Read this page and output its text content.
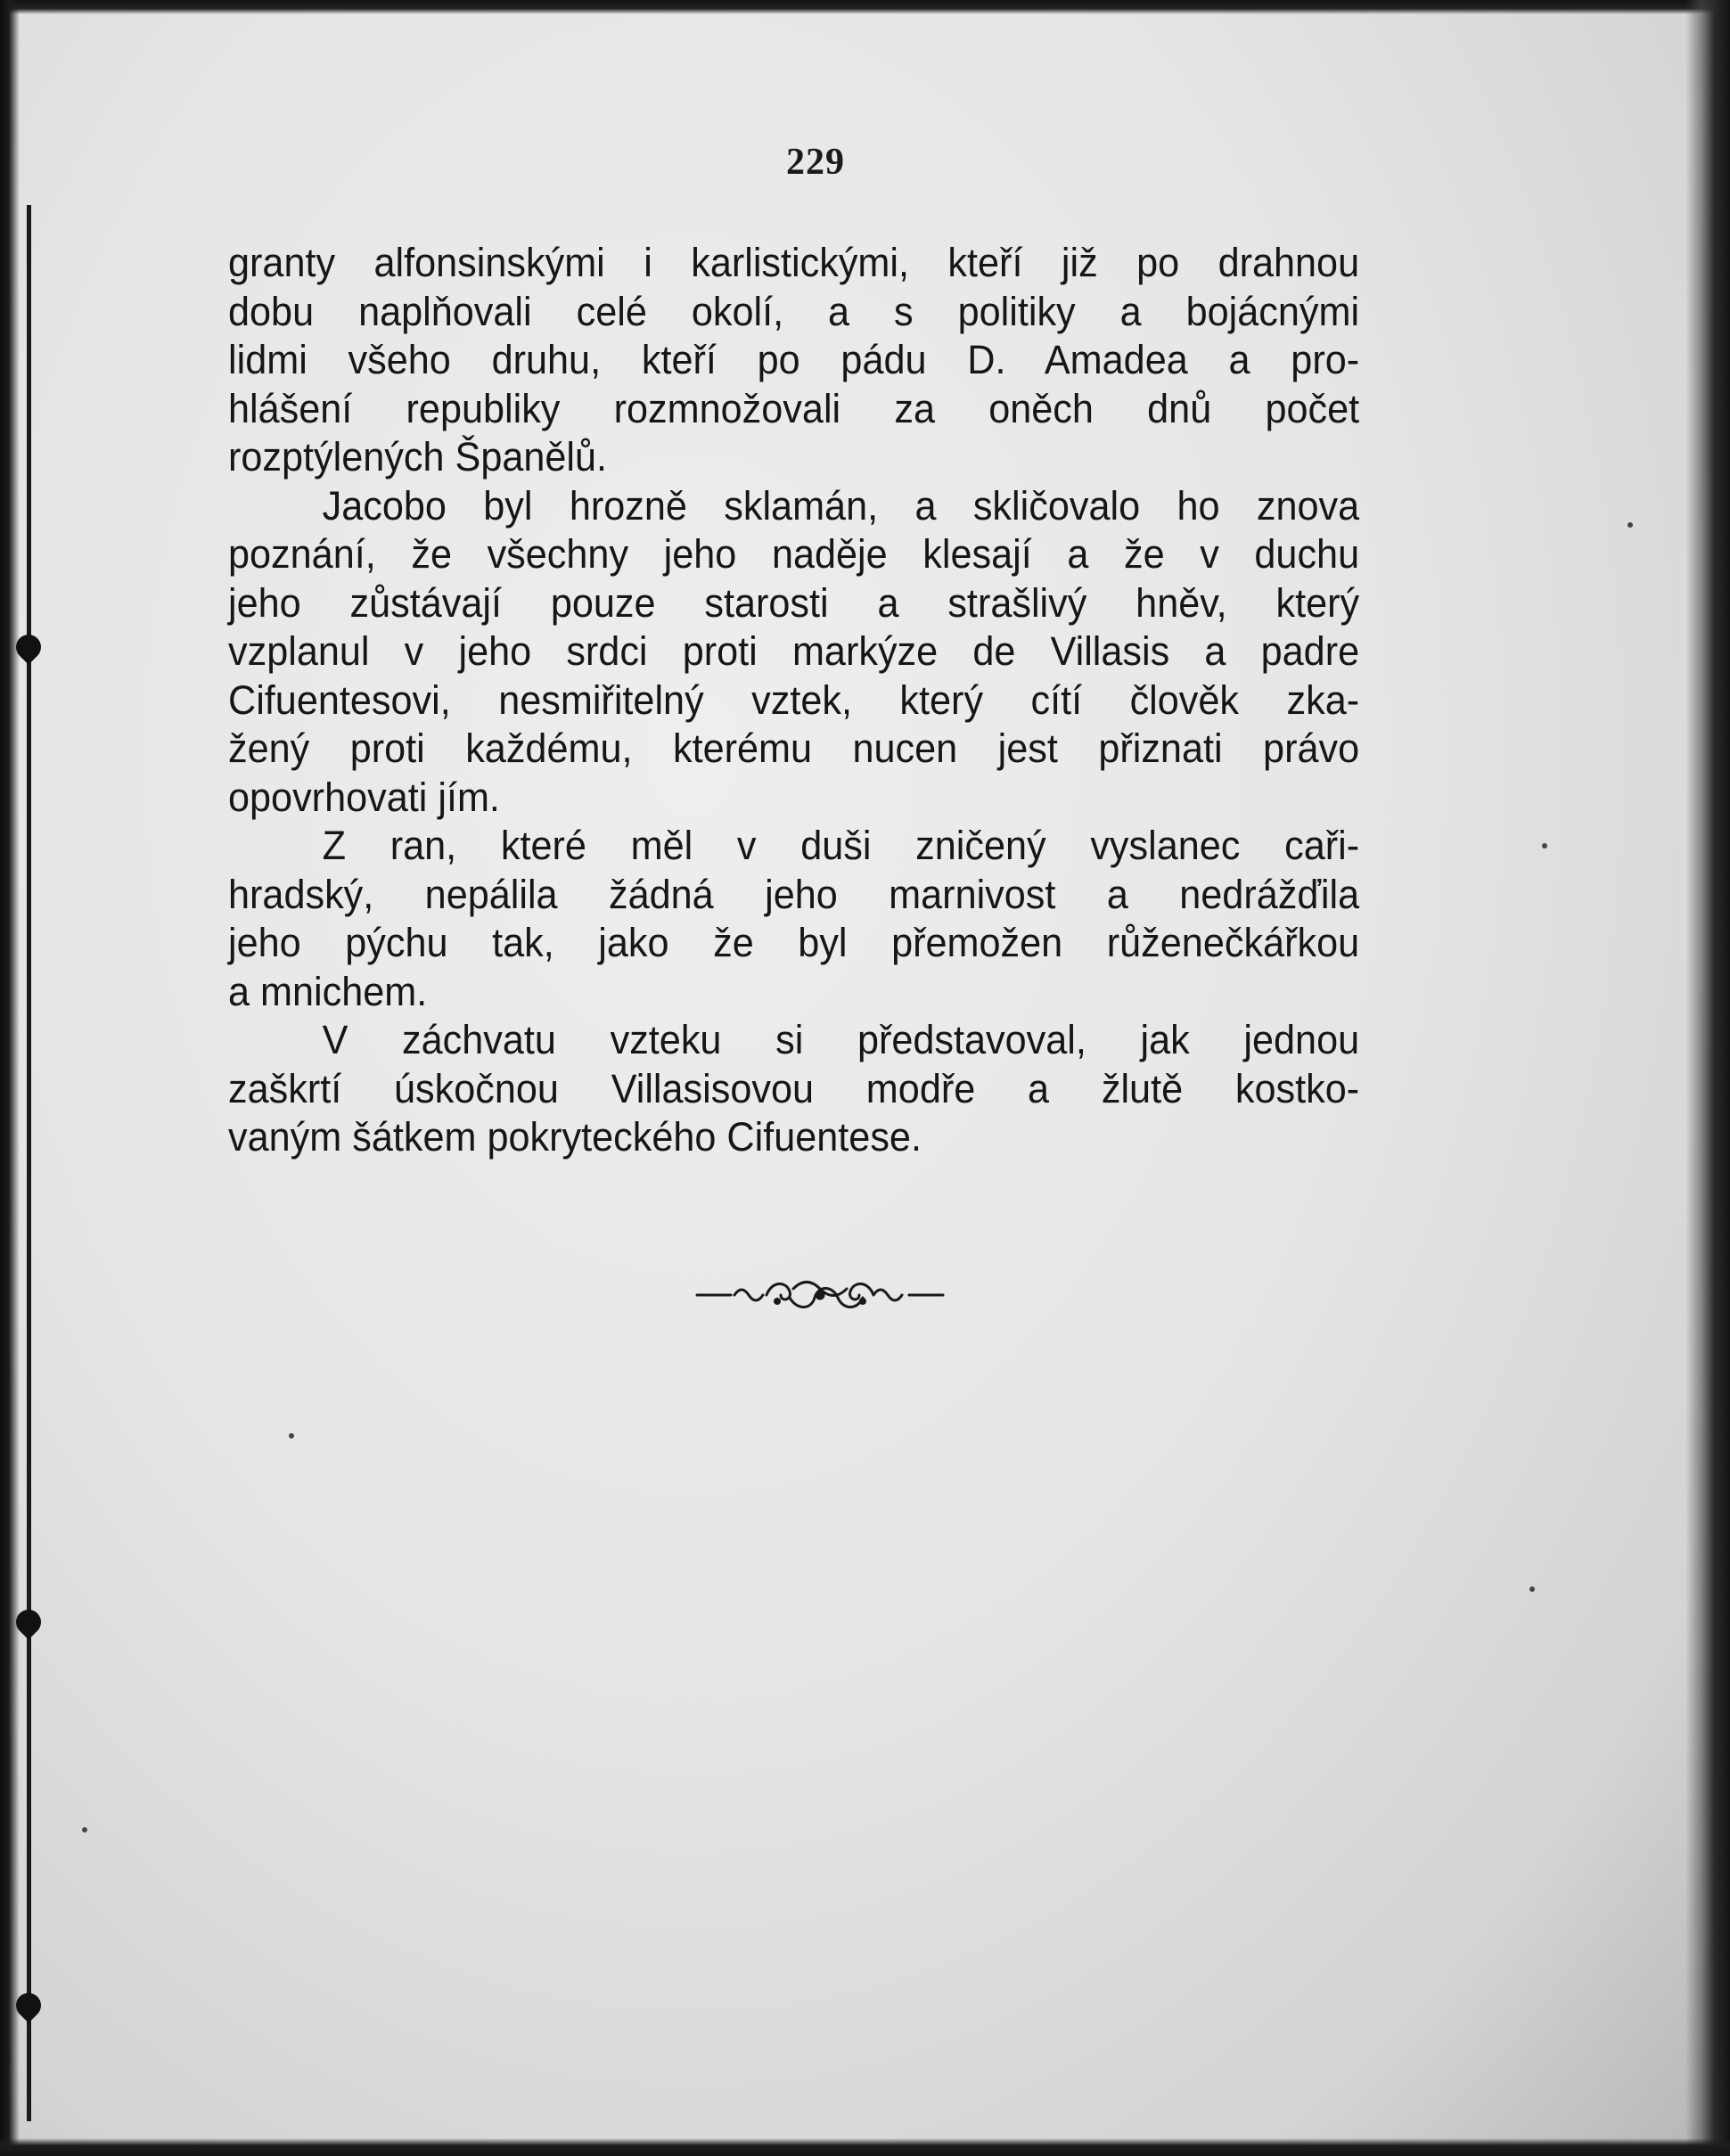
229
granty alfonsinskými i karlistickými, kteří již po drahnou
dobu naplňovali celé okolí, a s politiky a bojácnými
lidmi všeho druhu, kteří po pádu D. Amadea a pro-
hlášení republiky rozmnožovali za oněch dnů počet
rozptýlených Španělů.
Jacobo byl hrozně sklamán, a skličovalo ho znova
poznání, že všechny jeho naděje klesají a že v duchu
jeho zůstávají pouze starosti a strašlivý hněv, který
vzplanul v jeho srdci proti markýze de Villasis a padre
Cifuentesovi, nesmiřitelný vztek, který cítí člověk zka-
žený proti každému, kterému nucen jest přiznati právo
opovrhovati jím.
Z ran, které měl v duši zničený vyslanec caři-
hradský, nepálila žádná jeho marnivost a nedrážďila
jeho pýchu tak, jako že byl přemožen růženečkářkou
a mnichem.
V záchvatu vzteku si představoval, jak jednou
zaškrtí úskočnou Villasisovou modře a žlutě kostko-
vaným šátkem pokryteckého Cifuentese.
